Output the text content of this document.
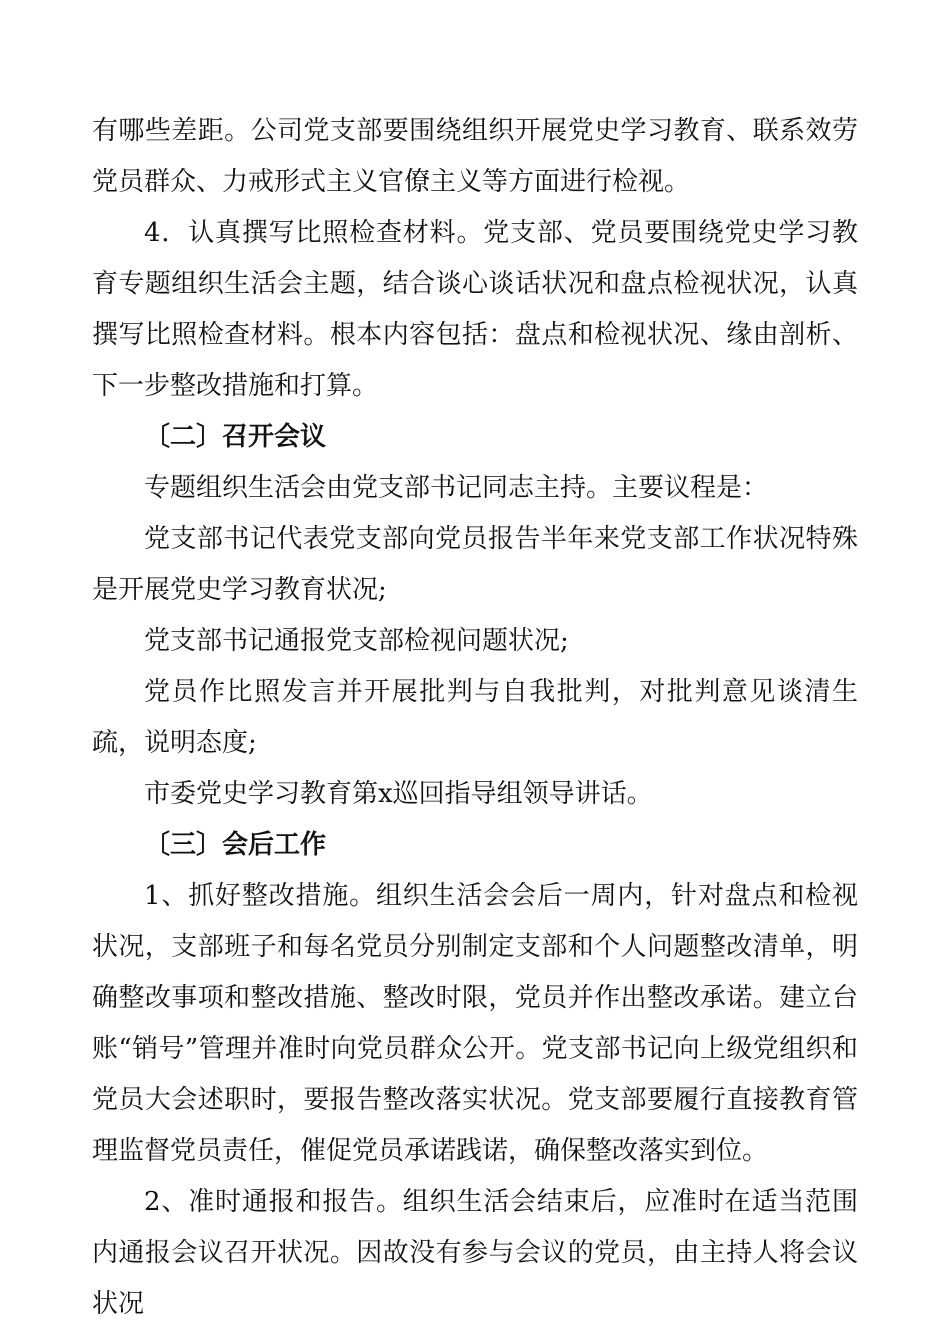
有哪些差距。公司党支部要围绕组织开展党史学习教育、联系效劳党员群众、力戒形式主义官僚主义等方面进行检视。

4．认真撰写比照检查材料。党支部、党员要围绕党史学习教育专题组织生活会主题，结合谈心谈话状况和盘点检视状况，认真撰写比照检查材料。根本内容包括：盘点和检视状况、缘由剖析、下一步整改措施和打算。

〔二〕召开会议

专题组织生活会由党支部书记同志主持。主要议程是：

党支部书记代表党支部向党员报告半年来党支部工作状况特殊是开展党史学习教育状况;

党支部书记通报党支部检视问题状况;

党员作比照发言并开展批判与自我批判，对批判意见谈清生疏，说明态度;

市委党史学习教育第x巡回指导组领导讲话。

〔三〕会后工作

1、抓好整改措施。组织生活会会后一周内，针对盘点和检视状况，支部班子和每名党员分别制定支部和个人问题整改清单，明确整改事项和整改措施、整改时限，党员并作出整改承诺。建立台账“销号”管理并准时向党员群众公开。党支部书记向上级党组织和党员大会述职时，要报告整改落实状况。党支部要履行直接教育管理监督党员责任，催促党员承诺践诺，确保整改落实到位。

2、准时通报和报告。组织生活会结束后，应准时在适当范围内通报会议召开状况。因故没有参与会议的党员，由主持人将会议状况
